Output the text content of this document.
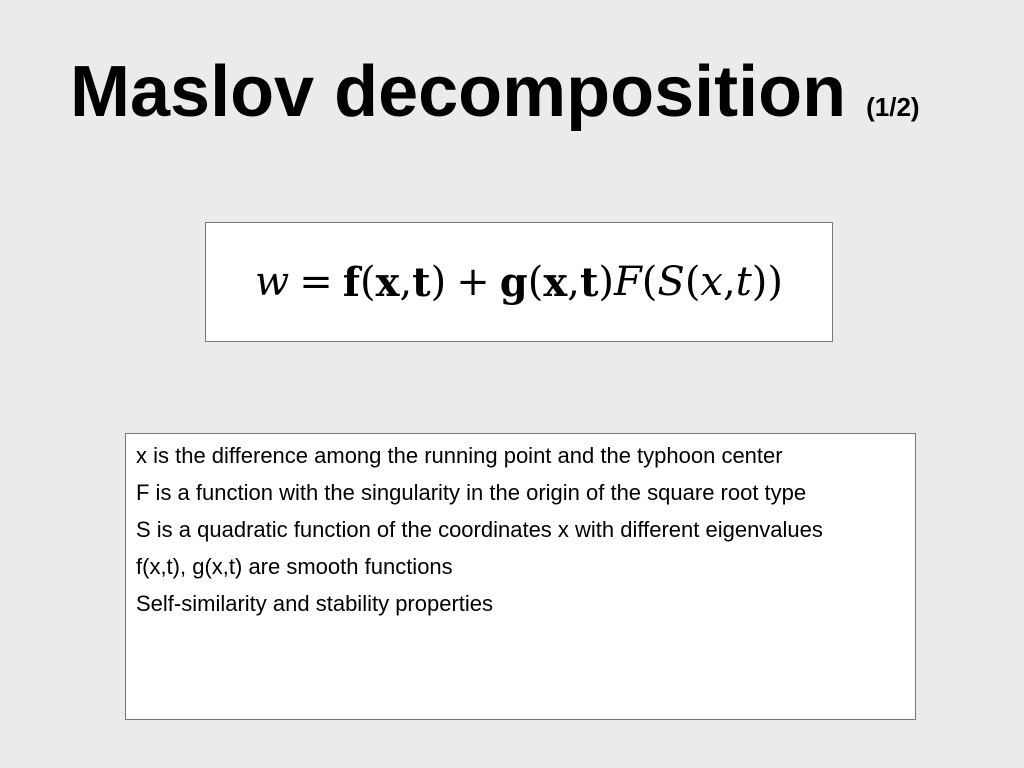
Maslov decomposition (1/2)
w = f ( x , t ) + g ( x , t ) F ( S ( x , t ))

x is the difference among the running point and the typhoon center

F is a function with the singularity in the origin of the square root type

S is a quadratic function of the coordinates x with different eigenvalues

f(x,t), g(x,t) are smooth functions

Self-similarity and stability properties
